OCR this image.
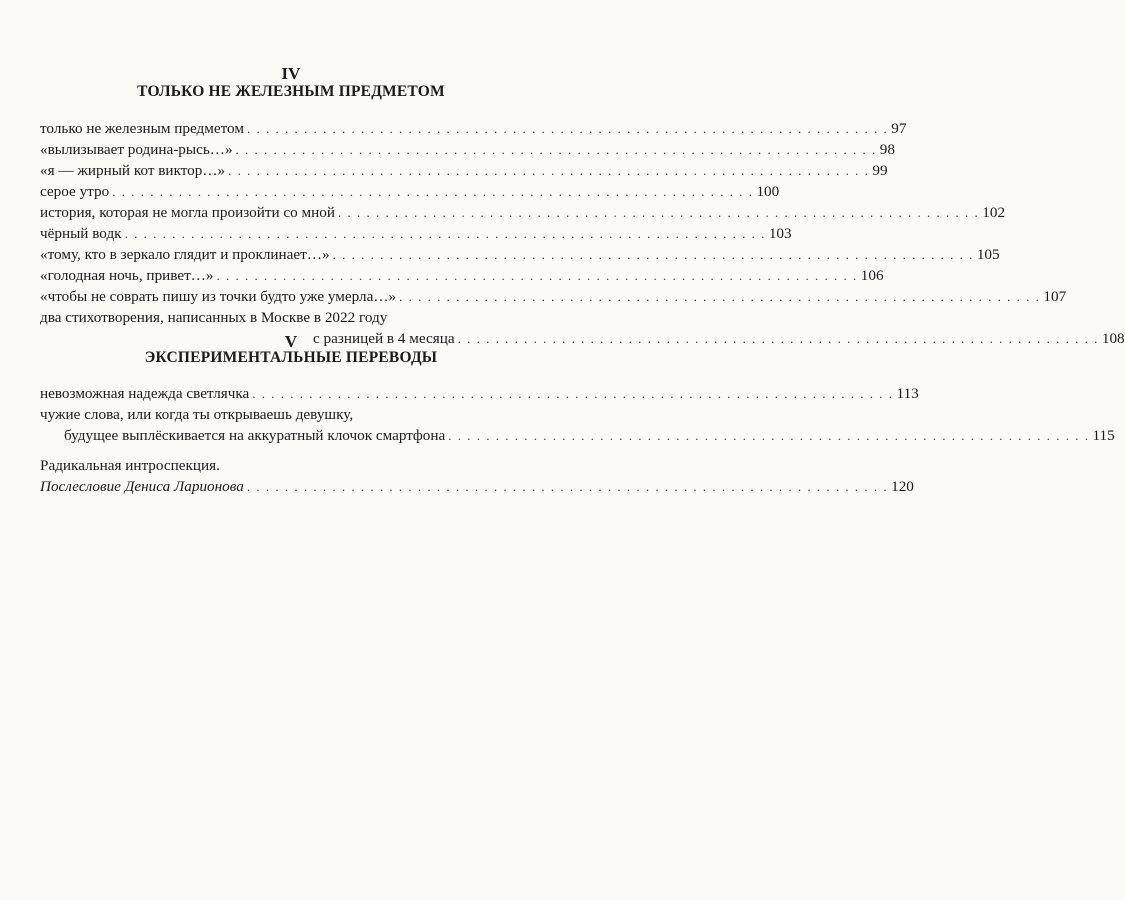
IV
ТОЛЬКО НЕ ЖЕЛЕЗНЫМ ПРЕДМЕТОМ
только не железным предметом . . . . . . . . . . . . . . . . . . . . . . . . . . . . . . . . . . . . . . . . . . . . . . . . . . . . . . . . . . . . . . . . . . . . 97
«вылизывает родина-рысь…» . . . . . . . . . . . . . . . . . . . . . . . . . . . . . . . . . . . . . . . . . . . . . . . . . . . . . . . . . . . . . . . . . . . . 98
«я — жирный кот виктор…» . . . . . . . . . . . . . . . . . . . . . . . . . . . . . . . . . . . . . . . . . . . . . . . . . . . . . . . . . . . . . . . . . . . . 99
серое утро . . . . . . . . . . . . . . . . . . . . . . . . . . . . . . . . . . . . . . . . . . . . . . . . . . . . . . . . . . . . . . . . . . . . 100
история, которая не могла произойти со мной . . . . . . . . . . . . . . . . . . . . . . . . . . . . . . . . . . . . . . . . . . . . . . . . . . . . . . . . . . . . . . . . . . . . 102
чёрный водк . . . . . . . . . . . . . . . . . . . . . . . . . . . . . . . . . . . . . . . . . . . . . . . . . . . . . . . . . . . . . . . . . . . . 103
«тому, кто в зеркало глядит и проклинает…» . . . . . . . . . . . . . . . . . . . . . . . . . . . . . . . . . . . . . . . . . . . . . . . . . . . . . . . . . . . . . . . . . . . . 105
«голодная ночь, привет…» . . . . . . . . . . . . . . . . . . . . . . . . . . . . . . . . . . . . . . . . . . . . . . . . . . . . . . . . . . . . . . . . . . . . 106
«чтобы не соврать пишу из точки будто уже умерла…» . . . . . . . . . . . . . . . . . . . . . . . . . . . . . . . . . . . . . . . . . . . . . . . . . . . . . . . . . . . . . . . . . . . . 107
два стихотворения, написанных в Москве в 2022 году
с разницей в 4 месяца . . . . . . . . . . . . . . . . . . . . . . . . . . . . . . . . . . . . . . . . . . . . . . . . . . . . . . . . . . . . . . . . . . . . 108
V
ЭКСПЕРИМЕНТАЛЬНЫЕ ПЕРЕВОДЫ
невозможная надежда светлячка . . . . . . . . . . . . . . . . . . . . . . . . . . . . . . . . . . . . . . . . . . . . . . . . . . . . . . . . . . . . . . . . . . . . 113
чужие слова, или когда ты открываешь девушку,
будущее выплёскивается на аккуратный клочок смартфона . . . . . . . . . . . . . . . . . . . . . . . . . . . . . . . . . . . . . . . . . . . . . . . . . . . . . . . . . . . . . . . . . . . . 115
Радикальная интроспекция.
Послесловие Дениса Ларионова . . . . . . . . . . . . . . . . . . . . . . . . . . . . . . . . . . . . . . . . . . . . . . . . . . . . . . . . . . . . . . . . . . . . 120
